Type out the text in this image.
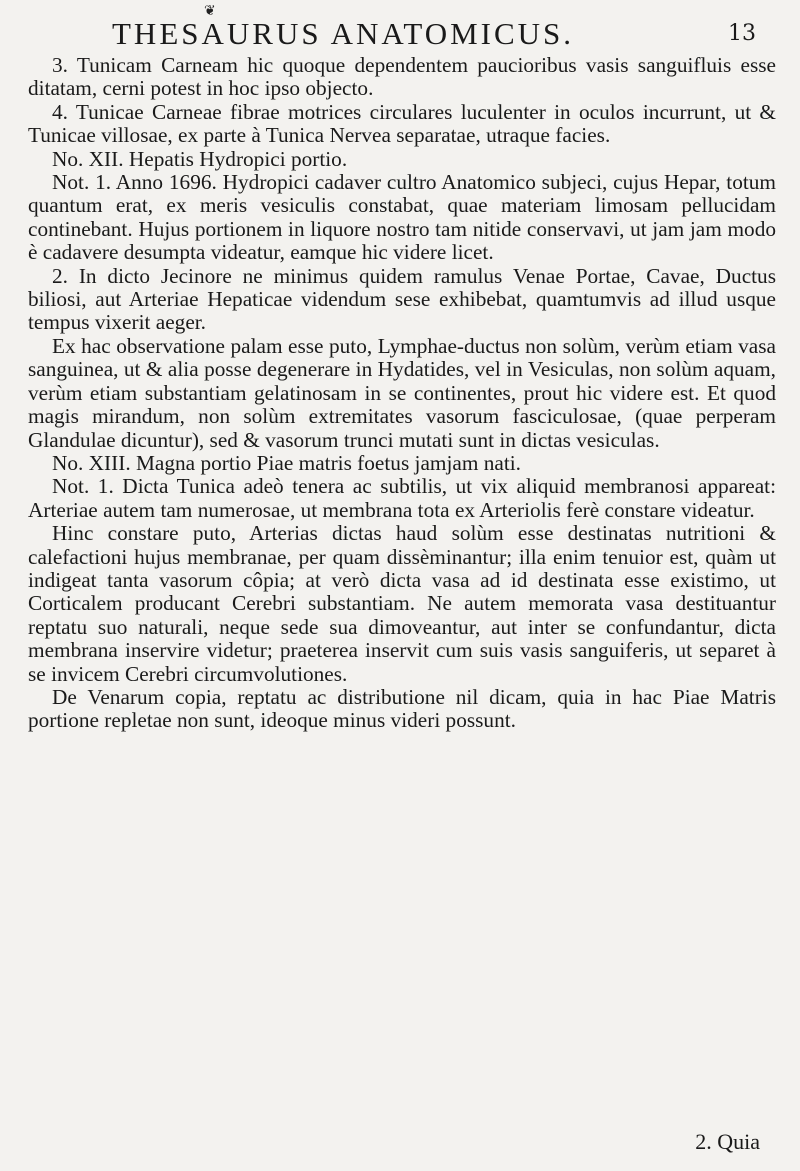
❦
THESAURUS ANATOMICUS.	13

3. Tunicam Carneam hic quoque dependentem paucioribus vasis sanguifluis esse ditatam, cerni potest in hoc ipso objecto.

4. Tunicae Carneae fibrae motrices circulares luculenter in oculos incurrunt, ut & Tunicae villosae, ex parte à Tunica Nervea separatae, utraque facies.

No. XII. Hepatis Hydropici portio.

Not. 1. Anno 1696. Hydropici cadaver cultro Anatomico subjeci, cujus Hepar, totum quantum erat, ex meris vesiculis constabat, quae materiam limosam pellucidam continebant. Hujus portionem in liquore nostro tam nitide conservavi, ut jam jam modo è cadavere desumpta videatur, eamque hic videre licet.

2. In dicto Jecinore ne minimus quidem ramulus Venae Portae, Cavae, Ductus biliosi, aut Arteriae Hepaticae videndum sese exhibebat, quamtumvis ad illud usque tempus vixerit aeger.

Ex hac observatione palam esse puto, Lymphae-ductus non solùm, verùm etiam vasa sanguinea, ut & alia posse degenerare in Hydatides, vel in Vesiculas, non solùm aquam, verùm etiam substantiam gelatinosam in se continentes, prout hic videre est. Et quod magis mirandum, non solùm extremitates vasorum fasciculosae, (quae perperam Glandulae dicuntur), sed & vasorum trunci mutati sunt in dictas vesiculas.

No. XIII. Magna portio Piae matris foetus jamjam nati.

Not. 1. Dicta Tunica adeò tenera ac subtilis, ut vix aliquid membranosi appareat: Arteriae autem tam numerosae, ut membrana tota ex Arteriolis ferè constare videatur.

Hinc constare puto, Arterias dictas haud solùm esse destinatas nutritioni & calefactioni hujus membranae, per quam dissèminantur; illa enim tenuior est, quàm ut indigeat tanta vasorum côpia; at verò dicta vasa ad id destinata esse existimo, ut Corticalem producant Cerebri substantiam. Ne autem memorata vasa destituantur reptatu suo naturali, neque sede sua dimoveantur, aut inter se confundantur, dicta membrana inservire videtur; praeterea inservit cum suis vasis sanguiferis, ut separet à se invicem Cerebri circumvolutiones.

De Venarum copia, reptatu ac distributione nil dicam, quia in hac Piae Matris portione repletae non sunt, ideoque minus videri possunt.

2. Quia
